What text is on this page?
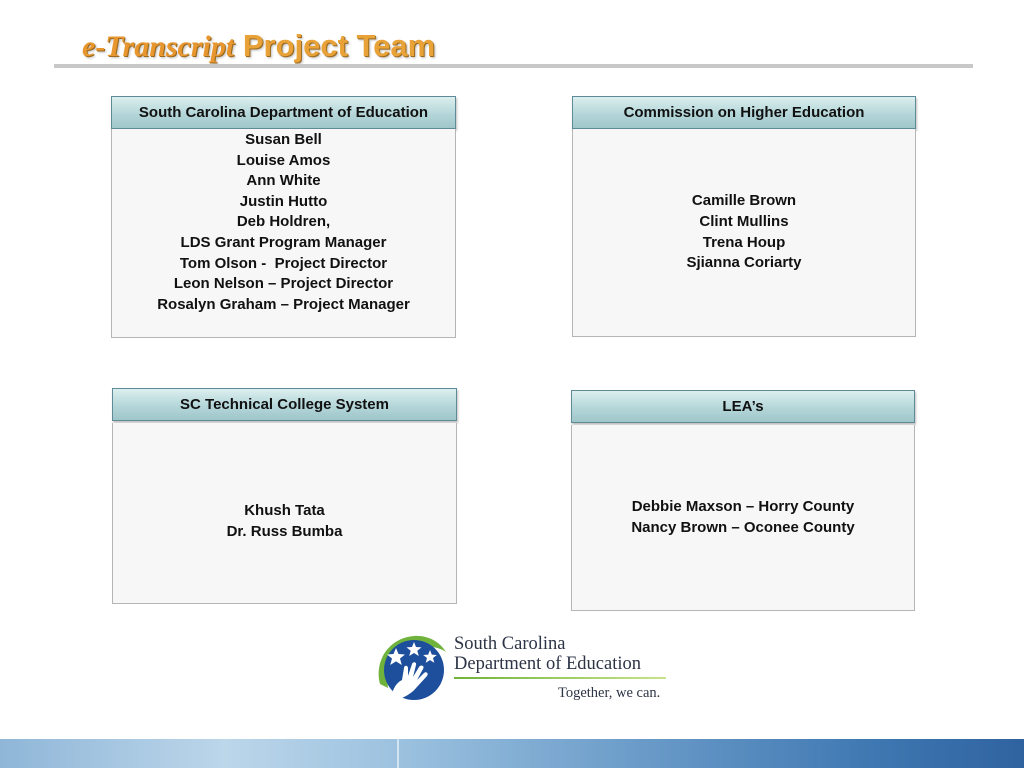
e-Transcript Project Team
South Carolina Department of Education
Susan Bell
Louise Amos
Ann White
Justin Hutto
Deb Holdren,
LDS Grant Program Manager
Tom Olson -  Project Director
Leon Nelson – Project Director
Rosalyn Graham – Project Manager
Commission on Higher Education
Camille Brown
Clint Mullins
Trena Houp
Sjianna Coriarty
SC Technical College System
Khush Tata
Dr. Russ Bumba
LEA’s
Debbie Maxson – Horry County
Nancy Brown – Oconee County
South Carolina
Department of Education
Together, we can.
